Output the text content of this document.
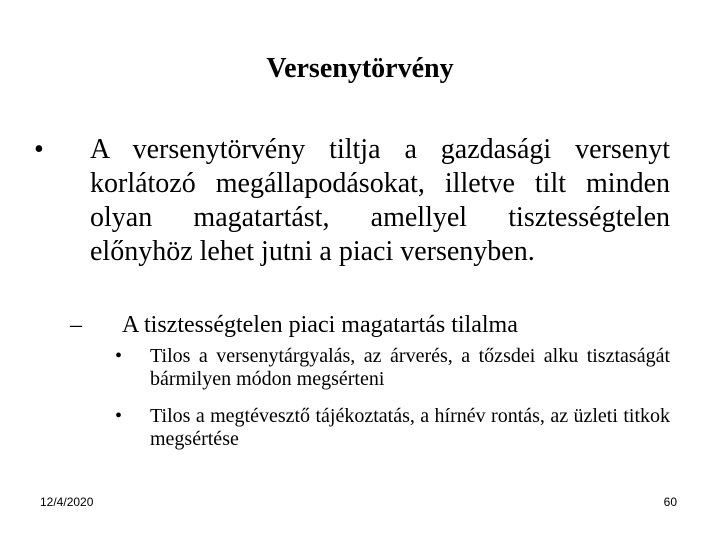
Versenytörvény
• A versenytörvény tiltja a gazdasági versenyt korlátozó megállapodásokat, illetve tilt minden olyan magatartást, amellyel tisztességtelen előnyhöz lehet jutni a piaci versenyben.
– A tisztességtelen piaci magatartás tilalma
• Tilos a versenytárgyalás, az árverés, a tőzsdei alku tisztaságát bármilyen módon megsérteni
• Tilos a megtévesztő tájékoztatás, a hírnév rontás, az üzleti titkok megsértése
12/4/2020	60
